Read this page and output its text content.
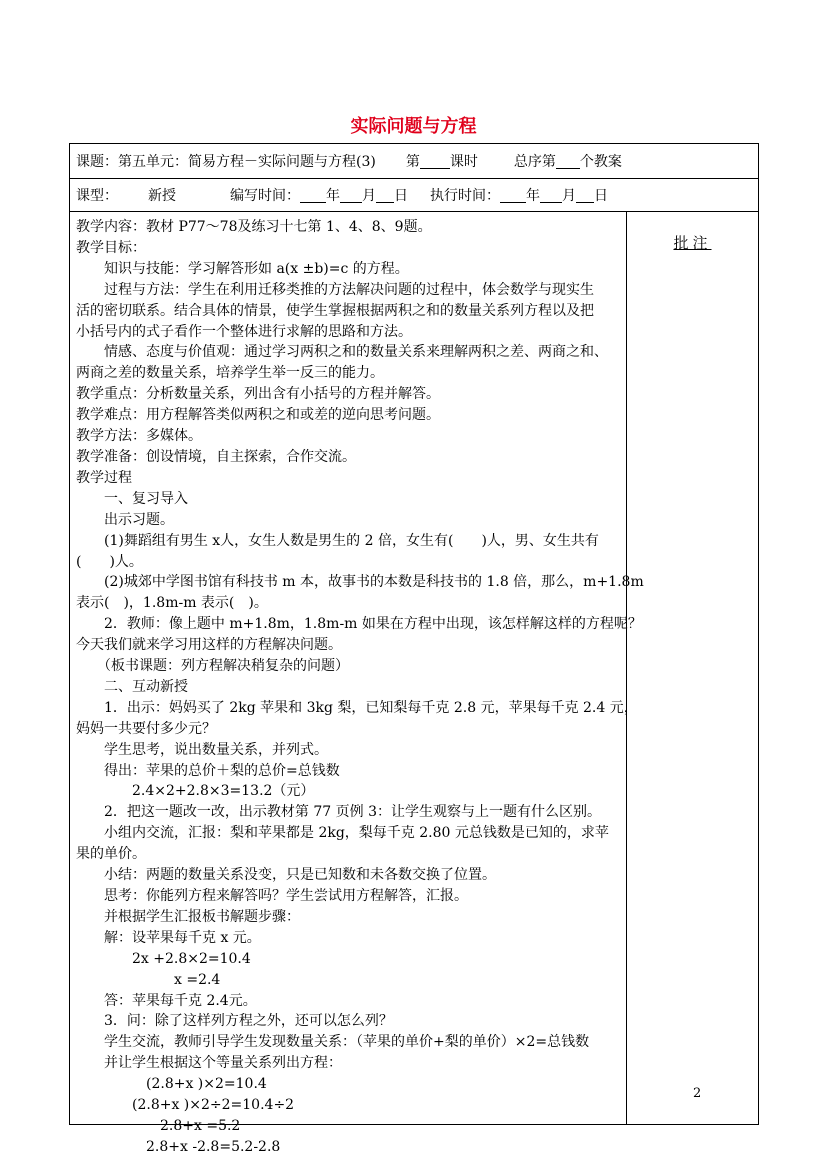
实际问题与方程
课题：第五单元：简易方程－实际问题与方程(3) 第 课时	总序第 个教案

课型： 新授	编写时间： 年 月 日 执行时间： 年 月 日

教学内容：教材 P77～78及练习十七第 1、4、8、9题。
教学目标：
　　知识与技能：学习解答形如 a(x ±b)=c 的方程。
　　过程与方法：学生在利用迁移类推的方法解决问题的过程中，体会数学与现实生
活的密切联系。结合具体的情景，使学生掌握根据两积之和的数量关系列方程以及把
小括号内的式子看作一个整体进行求解的思路和方法。
　　情感、态度与价值观：通过学习两积之和的数量关系来理解两积之差、两商之和、
两商之差的数量关系，培养学生举一反三的能力。
教学重点：分析数量关系，列出含有小括号的方程并解答。
教学难点：用方程解答类似两积之和或差的逆向思考问题。
教学方法：多媒体。
教学准备：创设情境，自主探索，合作交流。
教学过程
　　一、复习导入
　　出示习题。
　　(1)舞蹈组有男生 x人，女生人数是男生的 2 倍，女生有(　　)人，男、女生共有
(　　)人。
　　(2)城郊中学图书馆有科技书 m 本，故事书的本数是科技书的 1.8 倍，那么，m+1.8m
表示(　)，1.8m-m 表示(　)。
　　2．教师：像上题中 m+1.8m，1.8m-m 如果在方程中出现，该怎样解这样的方程呢？
今天我们就来学习用这样的方程解决问题。
　　（板书课题：列方程解决稍复杂的问题）
　　二、互动新授
　　1．出示：妈妈买了 2kg 苹果和 3kg 梨，已知梨每千克 2.8 元，苹果每千克 2.4 元，
妈妈一共要付多少元？
　　学生思考，说出数量关系，并列式。
　　得出：苹果的总价＋梨的总价=总钱数
　　　　2.4×2+2.8×3=13.2（元）
　　2．把这一题改一改，出示教材第 77 页例 3：让学生观察与上一题有什么区别。
　　小组内交流，汇报：梨和苹果都是 2kg，梨每千克 2.80 元总钱数是已知的，求苹
果的单价。
　　小结：两题的数量关系没变，只是已知数和未各数交换了位置。
　　思考：你能列方程来解答吗？学生尝试用方程解答，汇报。
　　并根据学生汇报板书解题步骤：
　　解：设苹果每千克 x 元。
　　　　2x +2.8×2=10.4
　　　　　　　x =2.4
　　答：苹果每千克 2.4元。
　　3．问：除了这样列方程之外，还可以怎么列？
　　学生交流，教师引导学生发现数量关系：（苹果的单价+梨的单价）×2=总钱数
　　并让学生根据这个等量关系列出方程：
　　　　　(2.8+x )×2=10.4
　　　　(2.8+x )×2÷2=10.4÷2
　　　　　　2.8+x =5.2
　　　　　2.8+x -2.8=5.2-2.8

批注
2
